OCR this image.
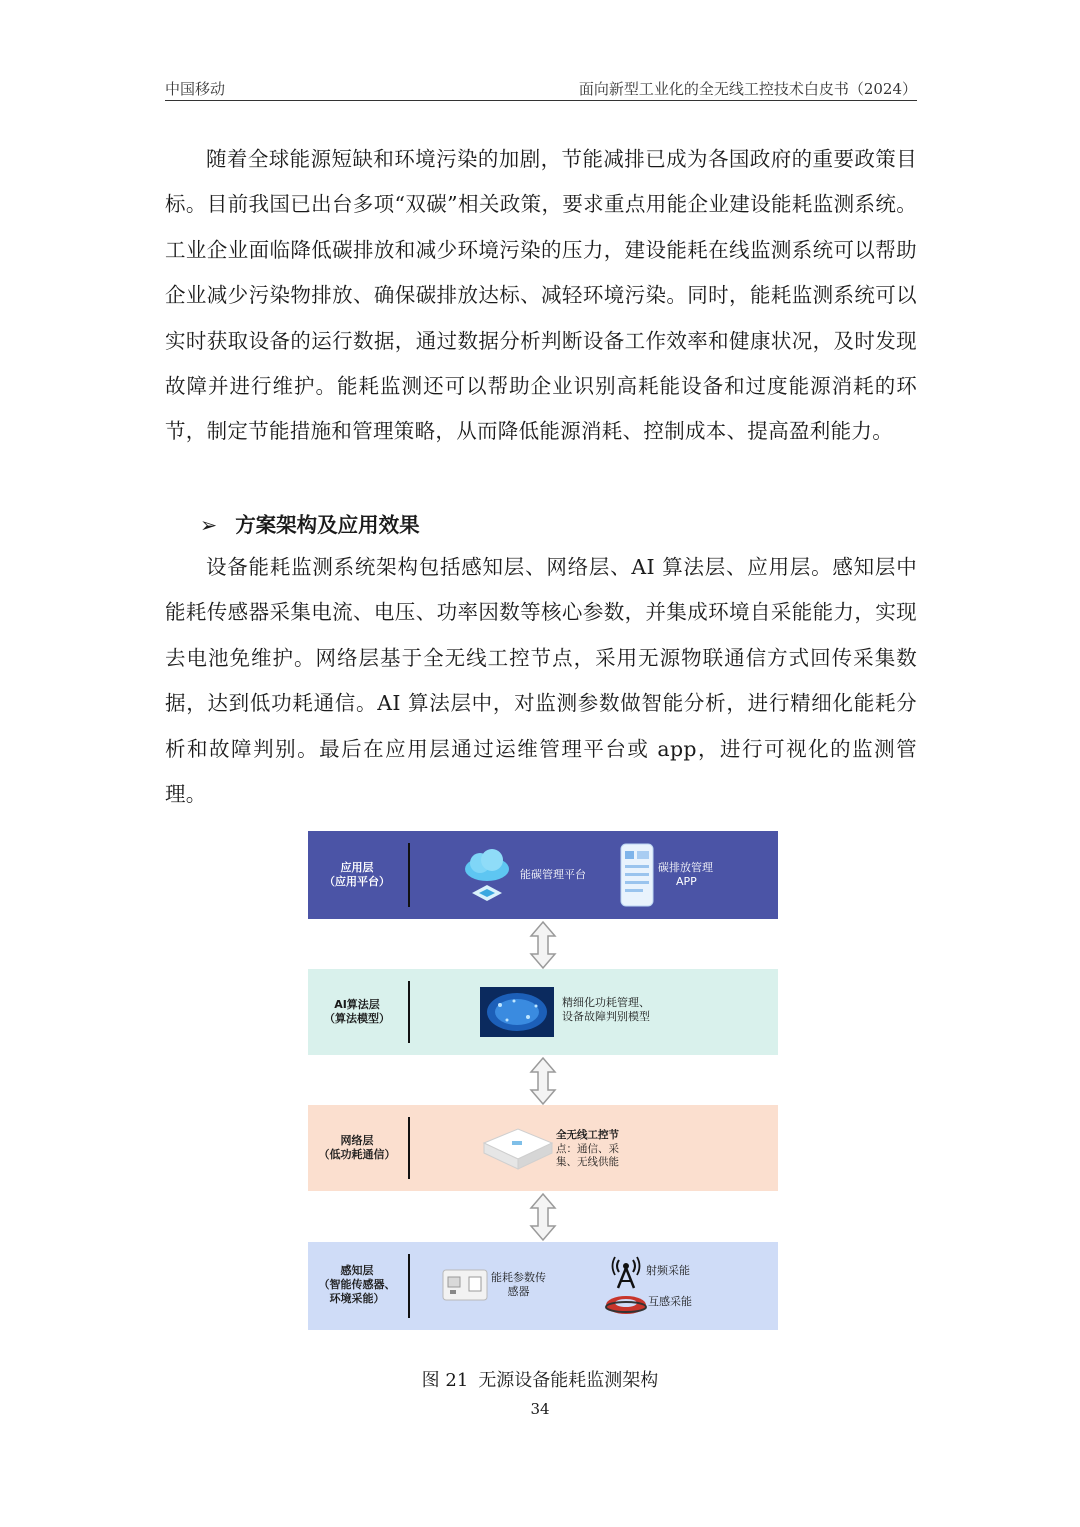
中国移动	面向新型工业化的全无线工控技术白皮书（2024）
随着全球能源短缺和环境污染的加剧，节能减排已成为各国政府的重要政策目标。目前我国已出台多项“双碳”相关政策，要求重点用能企业建设能耗监测系统。工业企业面临降低碳排放和减少环境污染的压力，建设能耗在线监测系统可以帮助企业减少污染物排放、确保碳排放达标、减轻环境污染。同时，能耗监测系统可以实时获取设备的运行数据，通过数据分析判断设备工作效率和健康状况，及时发现故障并进行维护。能耗监测还可以帮助企业识别高耗能设备和过度能源消耗的环节，制定节能措施和管理策略，从而降低能源消耗、控制成本、提高盈利能力。
➢ 方案架构及应用效果
设备能耗监测系统架构包括感知层、网络层、AI 算法层、应用层。感知层中能耗传感器采集电流、电压、功率因数等核心参数，并集成环境自采能能力，实现去电池免维护。网络层基于全无线工控节点，采用无源物联通信方式回传采集数据，达到低功耗通信。AI 算法层中，对监测参数做智能分析，进行精细化能耗分析和故障判别。最后在应用层通过运维管理平台或 app，进行可视化的监测管理。
应用层
（应用平台）
能碳管理平台
碳排放管理
APP
AI算法层
（算法模型）
精细化功耗管理、
设备故障判别模型
网络层
（低功耗通信）
全无线工控节
点：通信、采
集、无线供能
感知层
（智能传感器、
环境采能）
能耗参数传
感器
射频采能
互感采能
图 21 无源设备能耗监测架构
34
